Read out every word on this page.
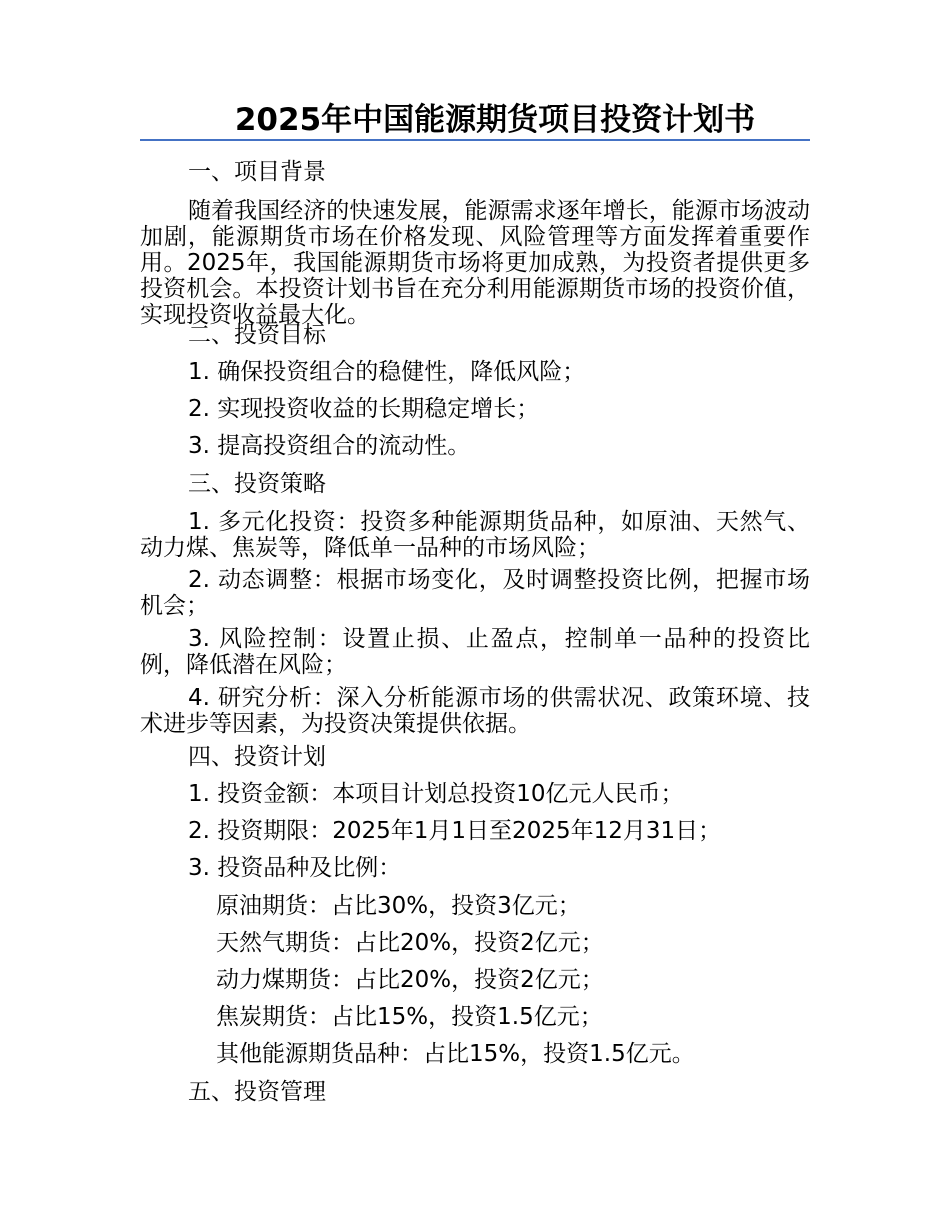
2025年中国能源期货项目投资计划书
一、项目背景
随着我国经济的快速发展，能源需求逐年增长，能源市场波动加剧，能源期货市场在价格发现、风险管理等方面发挥着重要作用。2025年，我国能源期货市场将更加成熟，为投资者提供更多投资机会。本投资计划书旨在充分利用能源期货市场的投资价值，实现投资收益最大化。
二、投资目标
1. 确保投资组合的稳健性，降低风险；
2. 实现投资收益的长期稳定增长；
3. 提高投资组合的流动性。
三、投资策略
1. 多元化投资：投资多种能源期货品种，如原油、天然气、动力煤、焦炭等，降低单一品种的市场风险；
2. 动态调整：根据市场变化，及时调整投资比例，把握市场机会；
3. 风险控制：设置止损、止盈点，控制单一品种的投资比例，降低潜在风险；
4. 研究分析：深入分析能源市场的供需状况、政策环境、技术进步等因素，为投资决策提供依据。
四、投资计划
1. 投资金额：本项目计划总投资10亿元人民币；
2. 投资期限：2025年1月1日至2025年12月31日；
3. 投资品种及比例：
原油期货：占比30%，投资3亿元；
天然气期货：占比20%，投资2亿元；
动力煤期货：占比20%，投资2亿元；
焦炭期货：占比15%，投资1.5亿元；
其他能源期货品种：占比15%，投资1.5亿元。
五、投资管理
